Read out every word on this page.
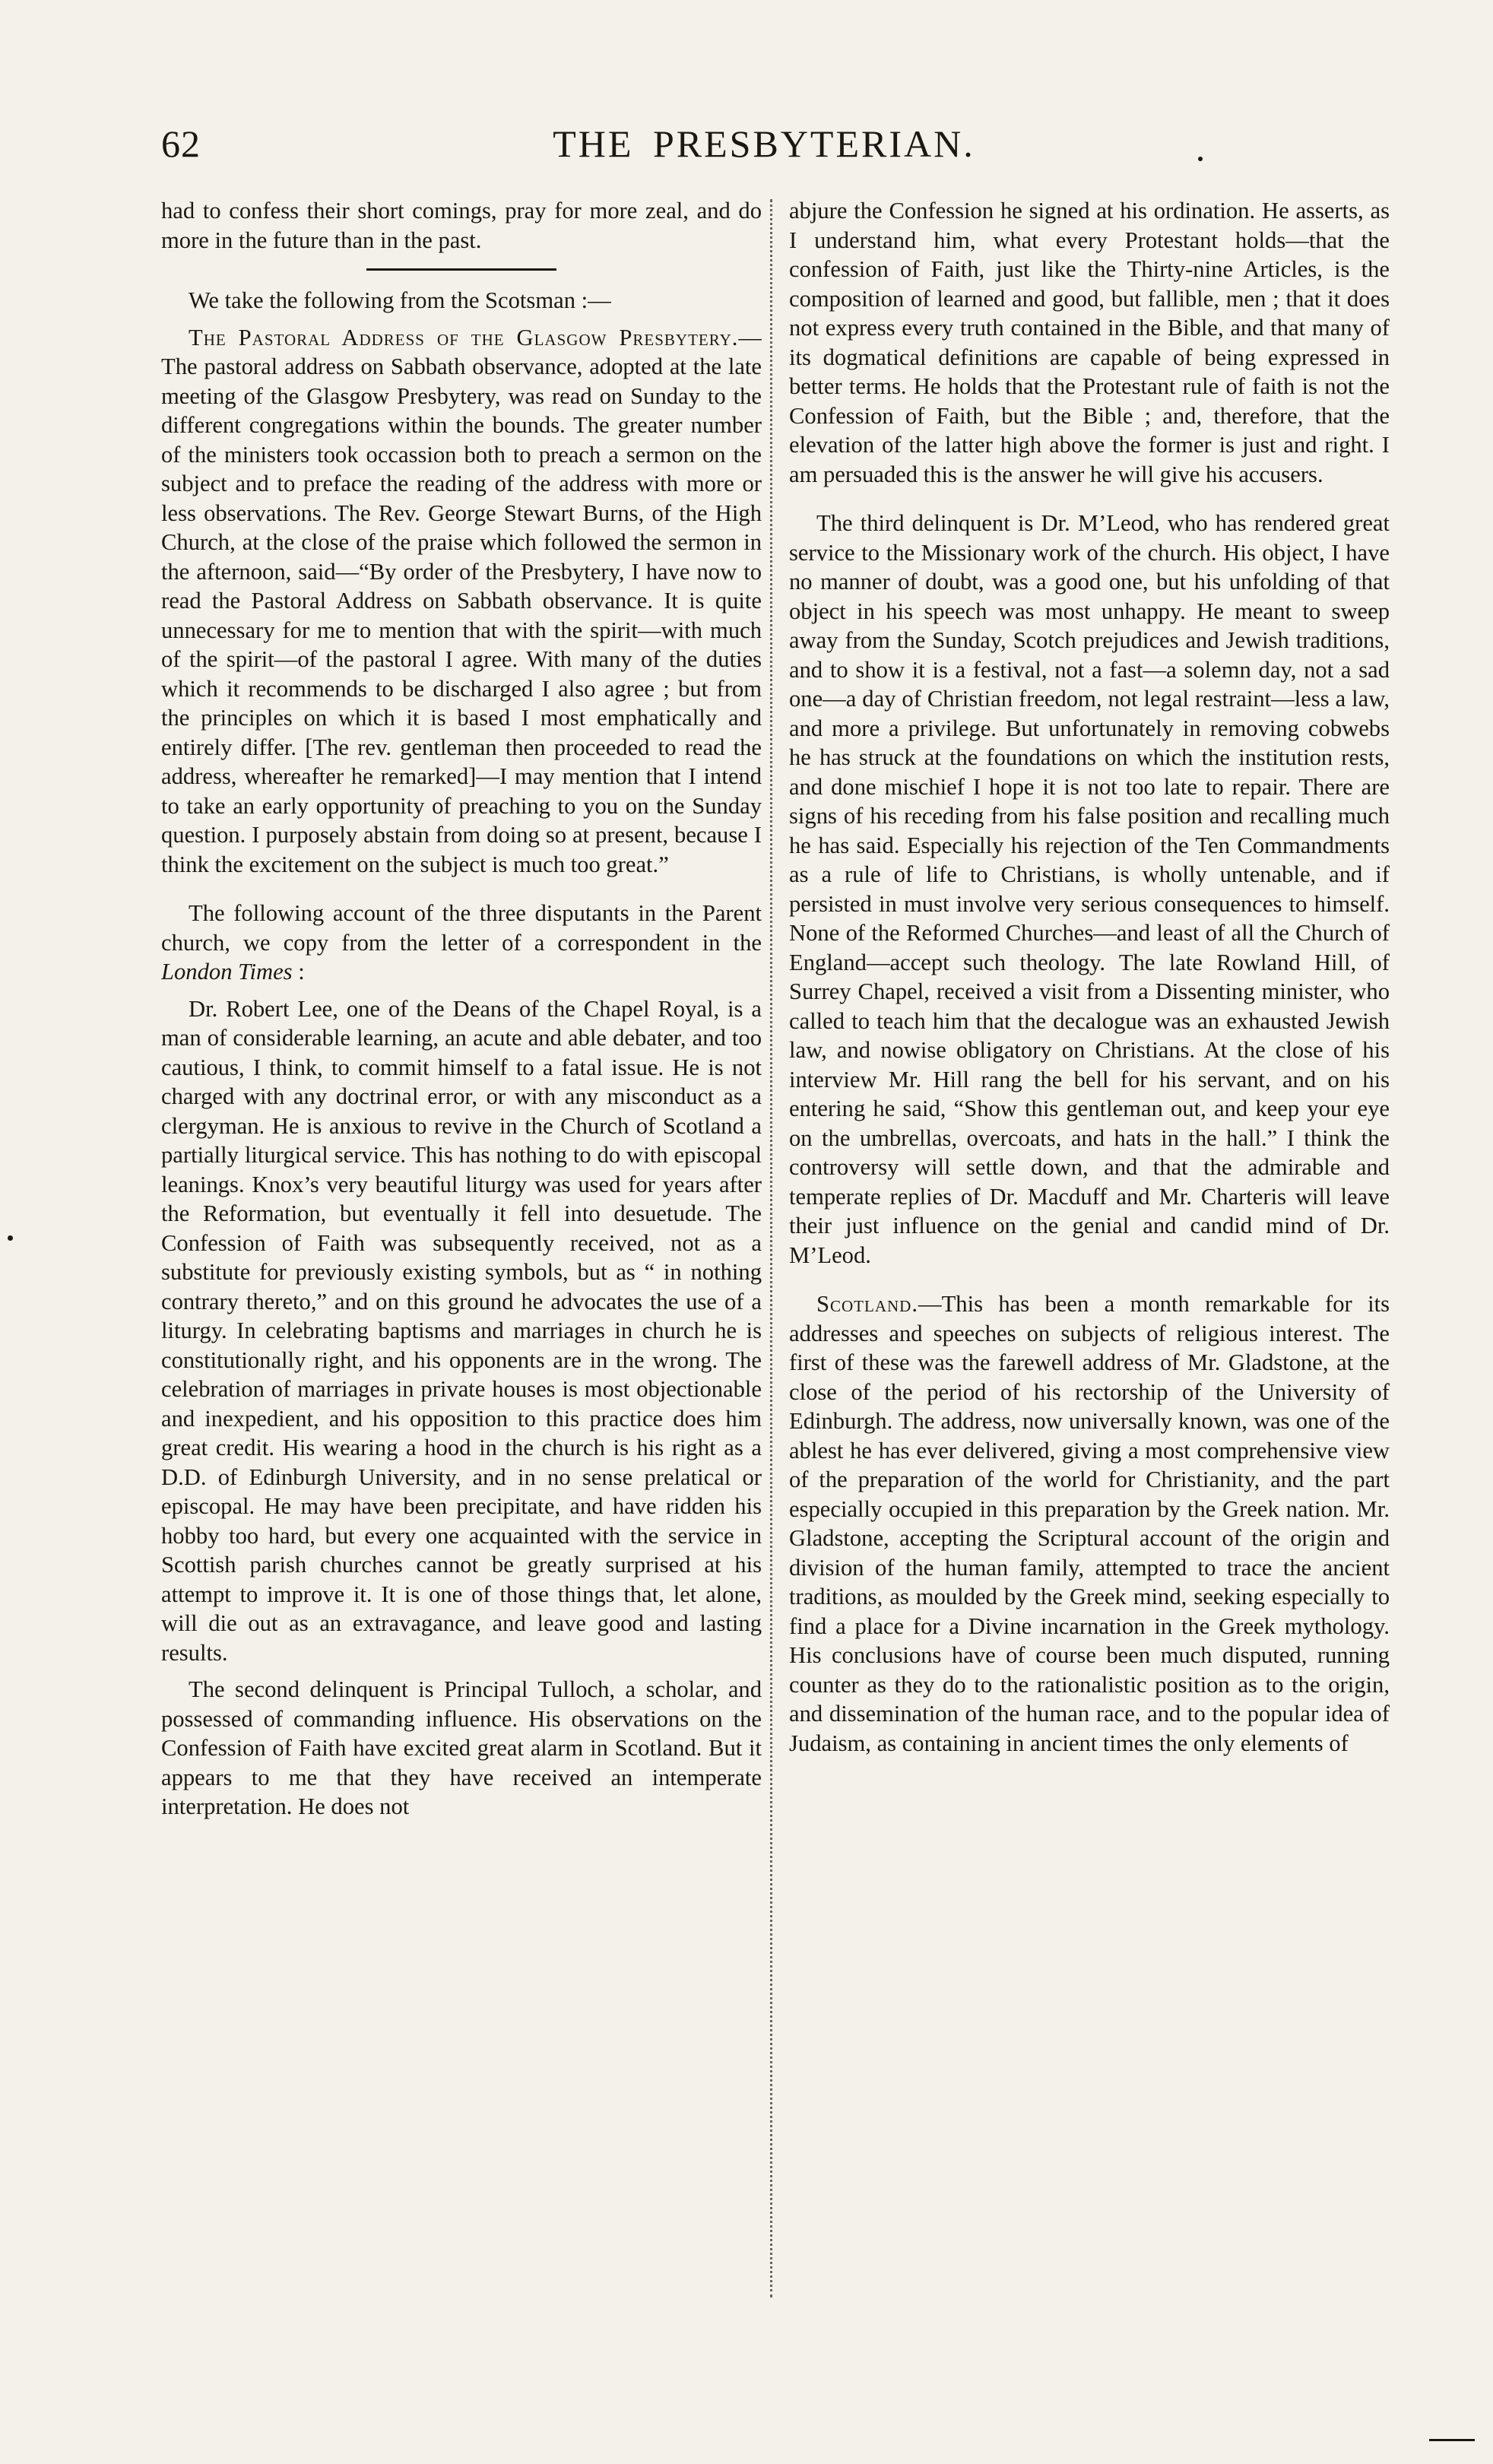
62	THE PRESBYTERIAN.

had to confess their short comings, pray for more zeal, and do more in the future than in the past.

We take the following from the Scotsman :—

The Pastoral Address of the Glasgow Presbytery.—The pastoral address on Sabbath observance, adopted at the late meeting of the Glasgow Presbytery, was read on Sunday to the different congregations within the bounds. The greater number of the ministers took occassion both to preach a sermon on the subject and to preface the reading of the address with more or less observations. The Rev. George Stewart Burns, of the High Church, at the close of the praise which followed the sermon in the afternoon, said—“By order of the Presbytery, I have now to read the Pastoral Address on Sabbath observance. It is quite unnecessary for me to mention that with the spirit—with much of the spirit—of the pastoral I agree. With many of the duties which it recommends to be discharged I also agree ; but from the principles on which it is based I most emphatically and entirely differ. [The rev. gentleman then proceeded to read the address, whereafter he remarked]—I may mention that I intend to take an early opportunity of preaching to you on the Sunday question. I purposely abstain from doing so at present, because I think the excitement on the subject is much too great.”

The following account of the three disputants in the Parent church, we copy from the letter of a correspondent in the London Times :

Dr. Robert Lee, one of the Deans of the Chapel Royal, is a man of considerable learning, an acute and able debater, and too cautious, I think, to commit himself to a fatal issue. He is not charged with any doctrinal error, or with any misconduct as a clergyman. He is anxious to revive in the Church of Scotland a partially liturgical service. This has nothing to do with episcopal leanings. Knox’s very beautiful liturgy was used for years after the Reformation, but eventually it fell into desuetude. The Confession of Faith was subsequently received, not as a substitute for previously existing symbols, but as “ in nothing contrary thereto,” and on this ground he advocates the use of a liturgy. In celebrating baptisms and marriages in church he is constitutionally right, and his opponents are in the wrong. The celebration of marriages in private houses is most objectionable and inexpedient, and his opposition to this practice does him great credit. His wearing a hood in the church is his right as a D.D. of Edinburgh University, and in no sense prelatical or episcopal. He may have been precipitate, and have ridden his hobby too hard, but every one acquainted with the service in Scottish parish churches cannot be greatly surprised at his attempt to improve it. It is one of those things that, let alone, will die out as an extravagance, and leave good and lasting results.

The second delinquent is Principal Tulloch, a scholar, and possessed of commanding influence. His observations on the Confession of Faith have excited great alarm in Scotland. But it appears to me that they have received an intemperate interpretation. He does not

abjure the Confession he signed at his ordination. He asserts, as I understand him, what every Protestant holds—that the confession of Faith, just like the Thirty-nine Articles, is the composition of learned and good, but fallible, men ; that it does not express every truth contained in the Bible, and that many of its dogmatical definitions are capable of being expressed in better terms. He holds that the Protestant rule of faith is not the Confession of Faith, but the Bible ; and, therefore, that the elevation of the latter high above the former is just and right. I am persuaded this is the answer he will give his accusers.

The third delinquent is Dr. M’Leod, who has rendered great service to the Missionary work of the church. His object, I have no manner of doubt, was a good one, but his unfolding of that object in his speech was most unhappy. He meant to sweep away from the Sunday, Scotch prejudices and Jewish traditions, and to show it is a festival, not a fast—a solemn day, not a sad one—a day of Christian freedom, not legal restraint—less a law, and more a privilege. But unfortunately in removing cobwebs he has struck at the foundations on which the institution rests, and done mischief I hope it is not too late to repair. There are signs of his receding from his false position and recalling much he has said. Especially his rejection of the Ten Commandments as a rule of life to Christians, is wholly untenable, and if persisted in must involve very serious consequences to himself. None of the Reformed Churches—and least of all the Church of England—accept such theology. The late Rowland Hill, of Surrey Chapel, received a visit from a Dissenting minister, who called to teach him that the decalogue was an exhausted Jewish law, and nowise obligatory on Christians. At the close of his interview Mr. Hill rang the bell for his servant, and on his entering he said, “Show this gentleman out, and keep your eye on the umbrellas, overcoats, and hats in the hall.” I think the controversy will settle down, and that the admirable and temperate replies of Dr. Macduff and Mr. Charteris will leave their just influence on the genial and candid mind of Dr. M’Leod.

Scotland.—This has been a month remarkable for its addresses and speeches on subjects of religious interest. The first of these was the farewell address of Mr. Gladstone, at the close of the period of his rectorship of the University of Edinburgh. The address, now universally known, was one of the ablest he has ever delivered, giving a most comprehensive view of the preparation of the world for Christianity, and the part especially occupied in this preparation by the Greek nation. Mr. Gladstone, accepting the Scriptural account of the origin and division of the human family, attempted to trace the ancient traditions, as moulded by the Greek mind, seeking especially to find a place for a Divine incarnation in the Greek mythology. His conclusions have of course been much disputed, running counter as they do to the rationalistic position as to the origin, and dissemination of the human race, and to the popular idea of Judaism, as containing in ancient times the only elements of
